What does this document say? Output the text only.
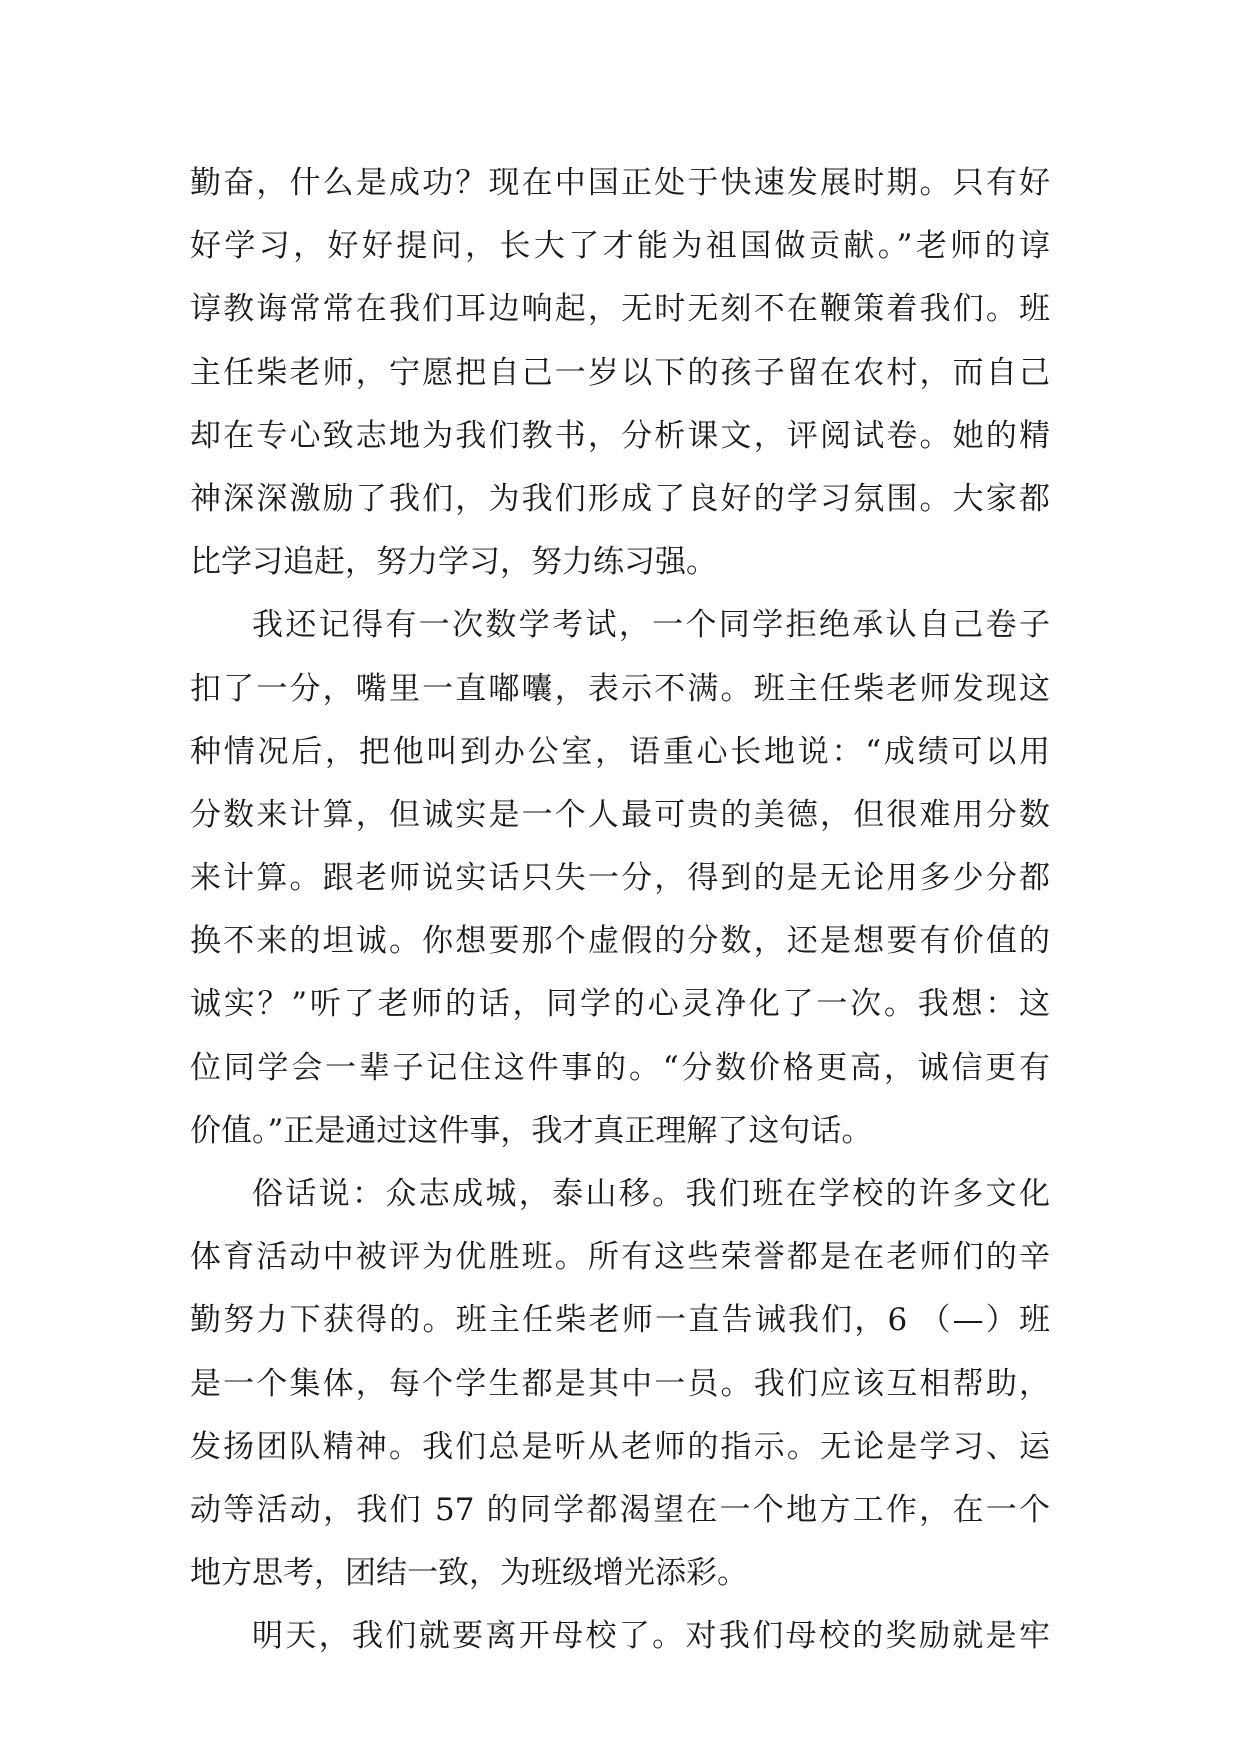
勤奋，什么是成功？现在中国正处于快速发展时期。只有好
好学习，好好提问，长大了才能为祖国做贡献。”老师的谆
谆教诲常常在我们耳边响起，无时无刻不在鞭策着我们。班
主任柴老师，宁愿把自己一岁以下的孩子留在农村，而自己
却在专心致志地为我们教书，分析课文，评阅试卷。她的精
神深深激励了我们，为我们形成了良好的学习氛围。大家都
比学习追赶，努力学习，努力练习强。
我还记得有一次数学考试，一个同学拒绝承认自己卷子
扣了一分，嘴里一直嘟囔，表示不满。班主任柴老师发现这
种情况后，把他叫到办公室，语重心长地说：“成绩可以用
分数来计算，但诚实是一个人最可贵的美德，但很难用分数
来计算。跟老师说实话只失一分，得到的是无论用多少分都
换不来的坦诚。你想要那个虚假的分数，还是想要有价值的
诚实？”听了老师的话，同学的心灵净化了一次。我想：这
位同学会一辈子记住这件事的。“分数价格更高，诚信更有
价值。”正是通过这件事，我才真正理解了这句话。
俗话说：众志成城，泰山移。我们班在学校的许多文化
体育活动中被评为优胜班。所有这些荣誉都是在老师们的辛
勤努力下获得的。班主任柴老师一直告诫我们，6 （—）班
是一个集体，每个学生都是其中一员。我们应该互相帮助，
发扬团队精神。我们总是听从老师的指示。无论是学习、运
动等活动，我们 57 的同学都渴望在一个地方工作，在一个
地方思考，团结一致，为班级增光添彩。
明天，我们就要离开母校了。对我们母校的奖励就是牢
